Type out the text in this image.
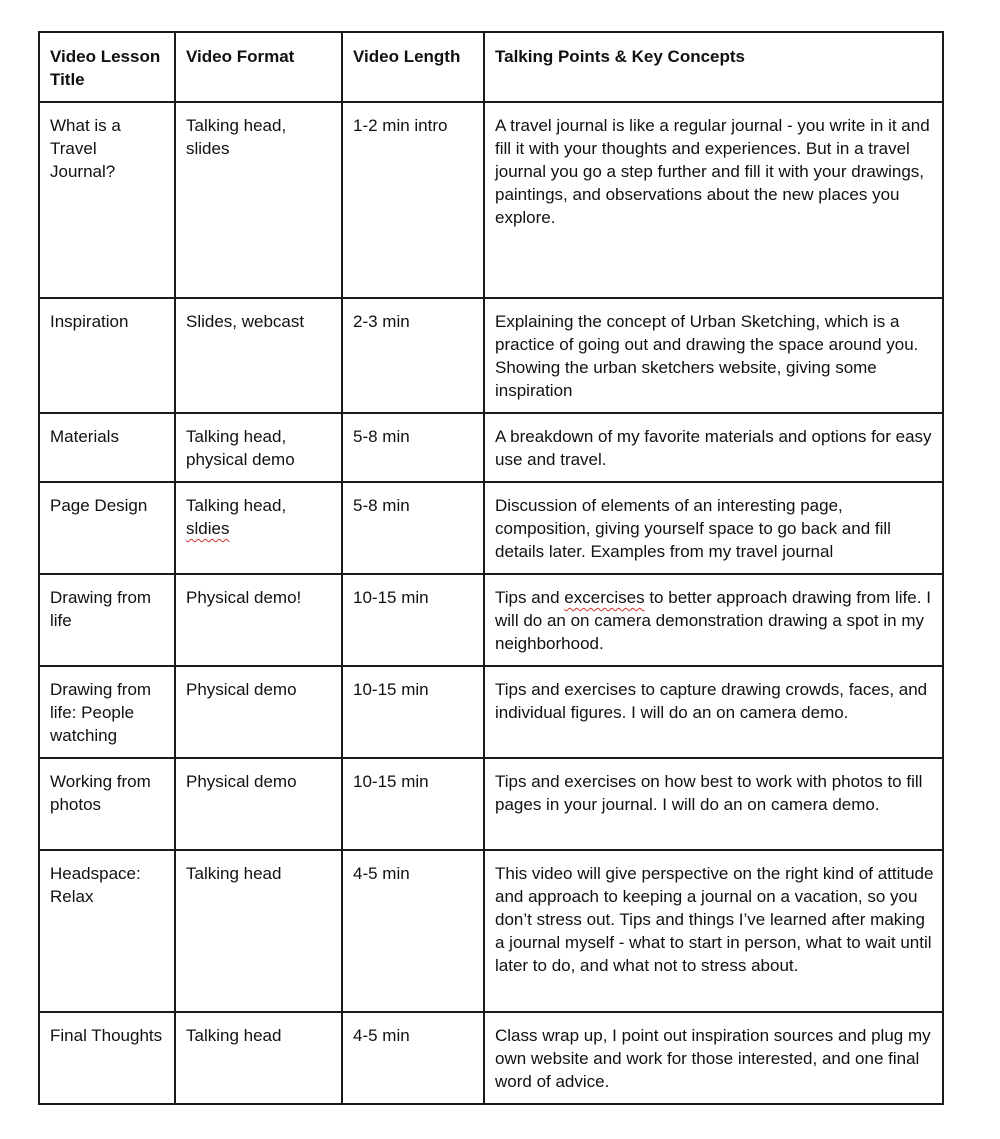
Video Lesson Title	Video Format	Video Length	Talking Points & Key Concepts
What is a Travel Journal?	Talking head, slides	1-2 min intro	A travel journal is like a regular journal - you write in it and fill it with your thoughts and experiences. But in a travel journal you go a step further and fill it with your drawings, paintings, and observations about the new places you explore.
Inspiration	Slides, webcast	2-3 min	Explaining the concept of Urban Sketching, which is a practice of going out and drawing the space around you. Showing the urban sketchers website, giving some inspiration
Materials	Talking head, physical demo	5-8 min	A breakdown of my favorite materials and options for easy use and travel.
Page Design	Talking head, sldies	5-8 min	Discussion of elements of an interesting page, composition, giving yourself space to go back and fill details later. Examples from my travel journal
Drawing from life	Physical demo!	10-15 min	Tips and excercises to better approach drawing from life. I will do an on camera demonstration drawing a spot in my neighborhood.
Drawing from life: People watching	Physical demo	10-15 min	Tips and exercises to capture drawing crowds, faces, and individual figures. I will do an on camera demo.
Working from photos	Physical demo	10-15 min	Tips and exercises on how best to work with photos to fill pages in your journal. I will do an on camera demo.
Headspace: Relax	Talking head	4-5 min	This video will give perspective on the right kind of attitude and approach to keeping a journal on a vacation, so you don’t stress out. Tips and things I’ve learned after making a journal myself - what to start in person, what to wait until later to do, and what not to stress about.
Final Thoughts	Talking head	4-5 min	Class wrap up, I point out inspiration sources and plug my own website and work for those interested, and one final word of advice.
